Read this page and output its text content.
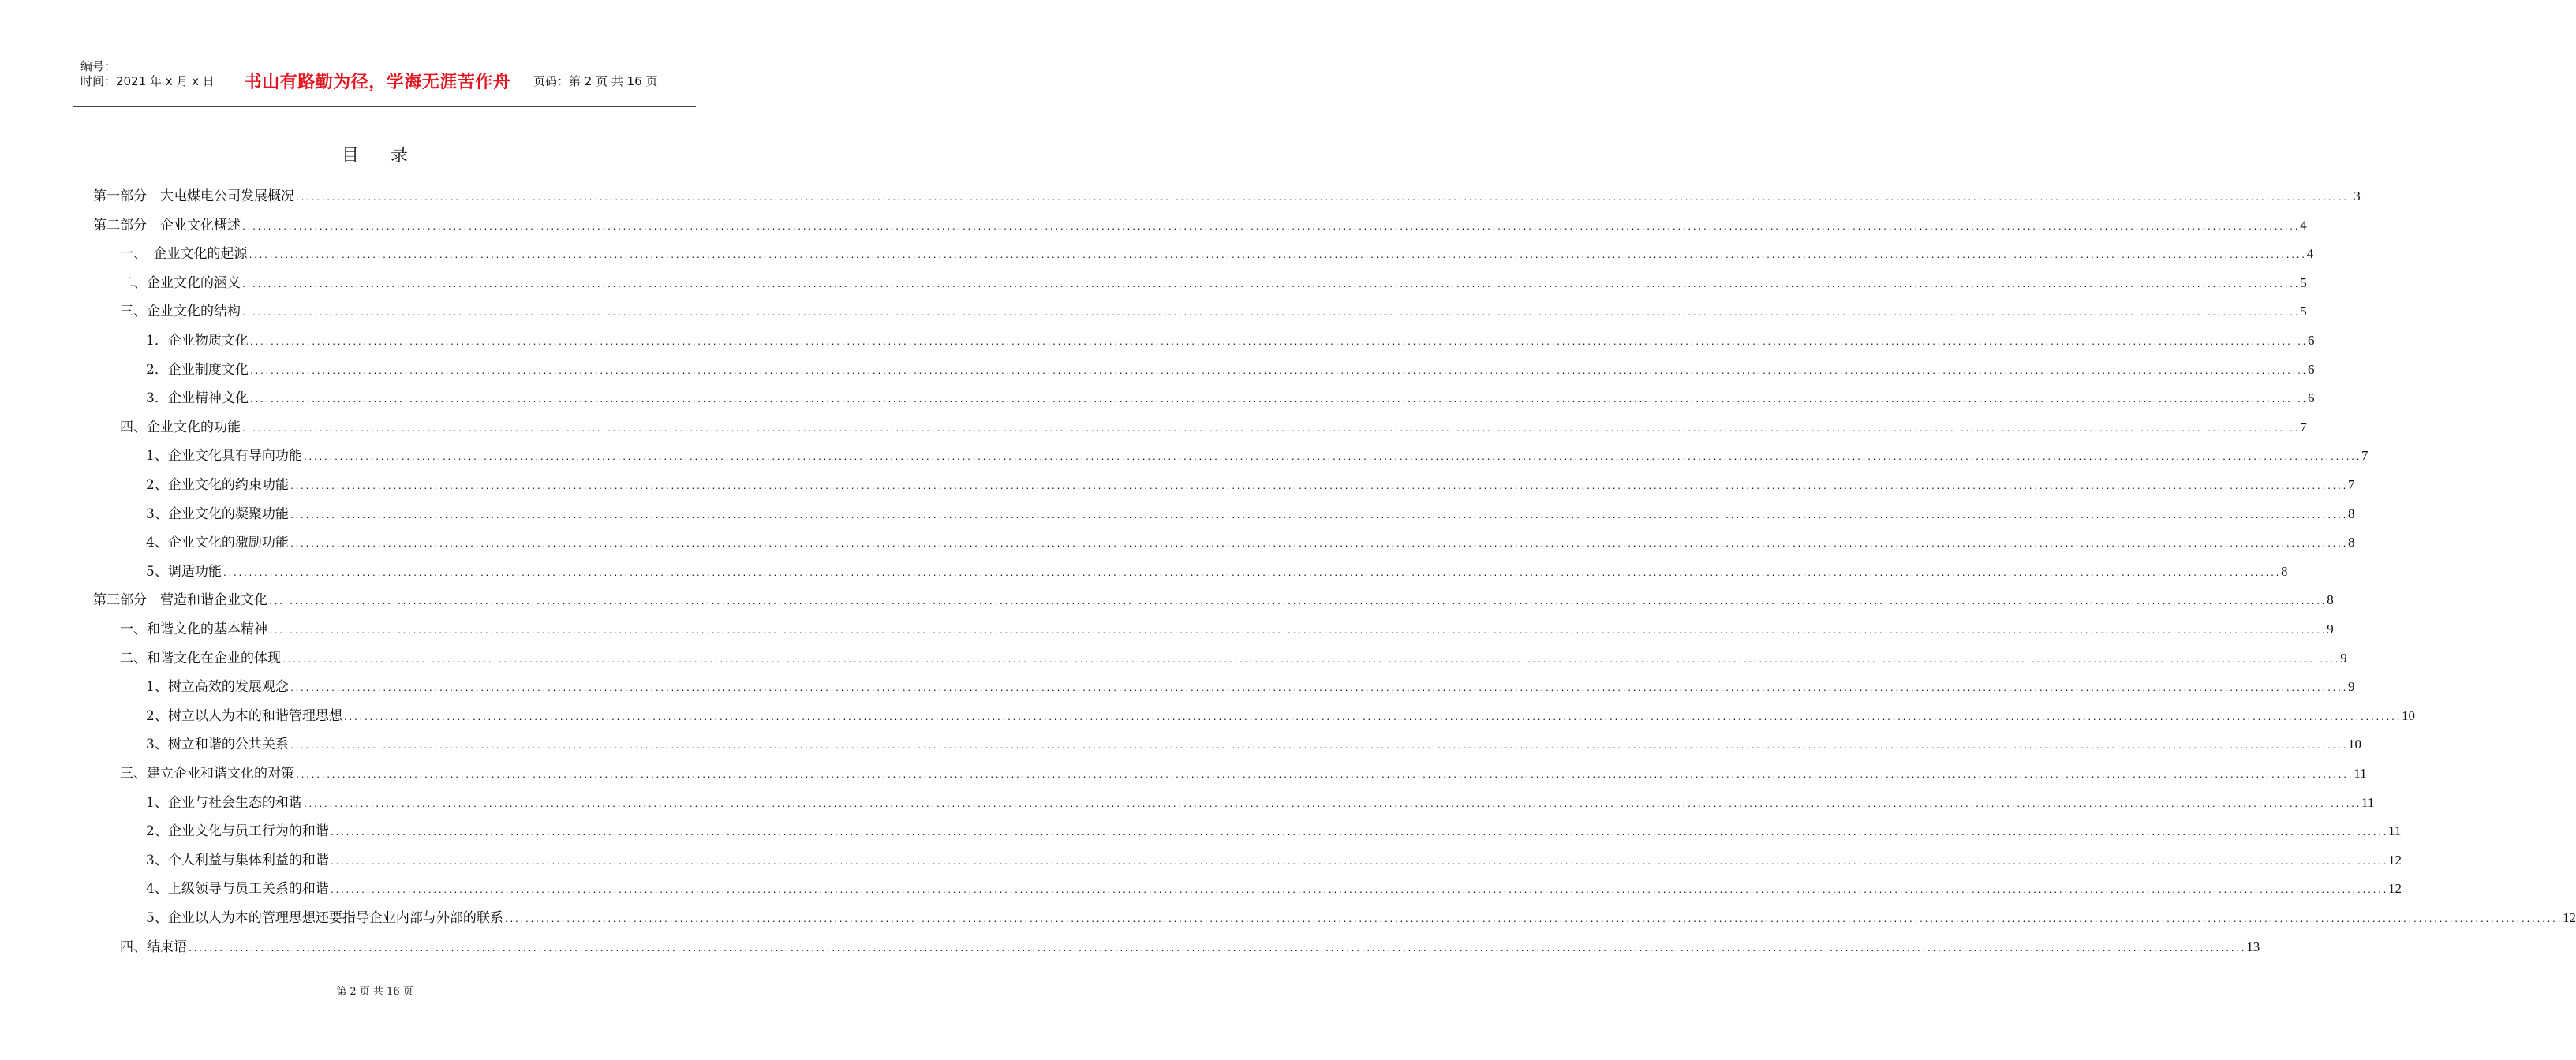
编号：
时间：2021 年 x 月 x 日 书山有路勤为径，学海无涯苦作舟 页码：第 2 页 共 16 页
目录
第一部分　大屯煤电公司发展概况 ................................................................................................................................................................................................................................................................................................................................................................................................................ 3
第二部分　企业文化概述 ................................................................................................................................................................................................................................................................................................................................................................................................................ 4
一、　企业文化的起源 ................................................................................................................................................................................................................................................................................................................................................................................................................ 4
二、企业文化的涵义 ................................................................................................................................................................................................................................................................................................................................................................................................................ 5
三、企业文化的结构 ................................................................................................................................................................................................................................................................................................................................................................................................................ 5
1．企业物质文化 ................................................................................................................................................................................................................................................................................................................................................................................................................ 6
2．企业制度文化 ................................................................................................................................................................................................................................................................................................................................................................................................................ 6
3．企业精神文化 ................................................................................................................................................................................................................................................................................................................................................................................................................ 6
四、企业文化的功能 ................................................................................................................................................................................................................................................................................................................................................................................................................ 7
1、企业文化具有导向功能 ................................................................................................................................................................................................................................................................................................................................................................................................................ 7
2、企业文化的约束功能 ................................................................................................................................................................................................................................................................................................................................................................................................................ 7
3、企业文化的凝聚功能 ................................................................................................................................................................................................................................................................................................................................................................................................................ 8
4、企业文化的激励功能 ................................................................................................................................................................................................................................................................................................................................................................................................................ 8
5、调适功能 ................................................................................................................................................................................................................................................................................................................................................................................................................ 8
第三部分　营造和谐企业文化 ................................................................................................................................................................................................................................................................................................................................................................................................................ 8
一、和谐文化的基本精神 ................................................................................................................................................................................................................................................................................................................................................................................................................ 9
二、和谐文化在企业的体现 ................................................................................................................................................................................................................................................................................................................................................................................................................ 9
1、树立高效的发展观念 ................................................................................................................................................................................................................................................................................................................................................................................................................ 9
2、树立以人为本的和谐管理思想 ................................................................................................................................................................................................................................................................................................................................................................................................................ 10
3、树立和谐的公共关系 ................................................................................................................................................................................................................................................................................................................................................................................................................ 10
三、建立企业和谐文化的对策 ................................................................................................................................................................................................................................................................................................................................................................................................................ 11
1、企业与社会生态的和谐 ................................................................................................................................................................................................................................................................................................................................................................................................................ 11
2、企业文化与员工行为的和谐 ................................................................................................................................................................................................................................................................................................................................................................................................................ 11
3、个人利益与集体利益的和谐 ................................................................................................................................................................................................................................................................................................................................................................................................................ 12
4、上级领导与员工关系的和谐 ................................................................................................................................................................................................................................................................................................................................................................................................................ 12
5、企业以人为本的管理思想还要指导企业内部与外部的联系 ................................................................................................................................................................................................................................................................................................................................................................................................................ 12
四、结束语 ................................................................................................................................................................................................................................................................................................................................................................................................................ 13
第 2 页 共 16 页
